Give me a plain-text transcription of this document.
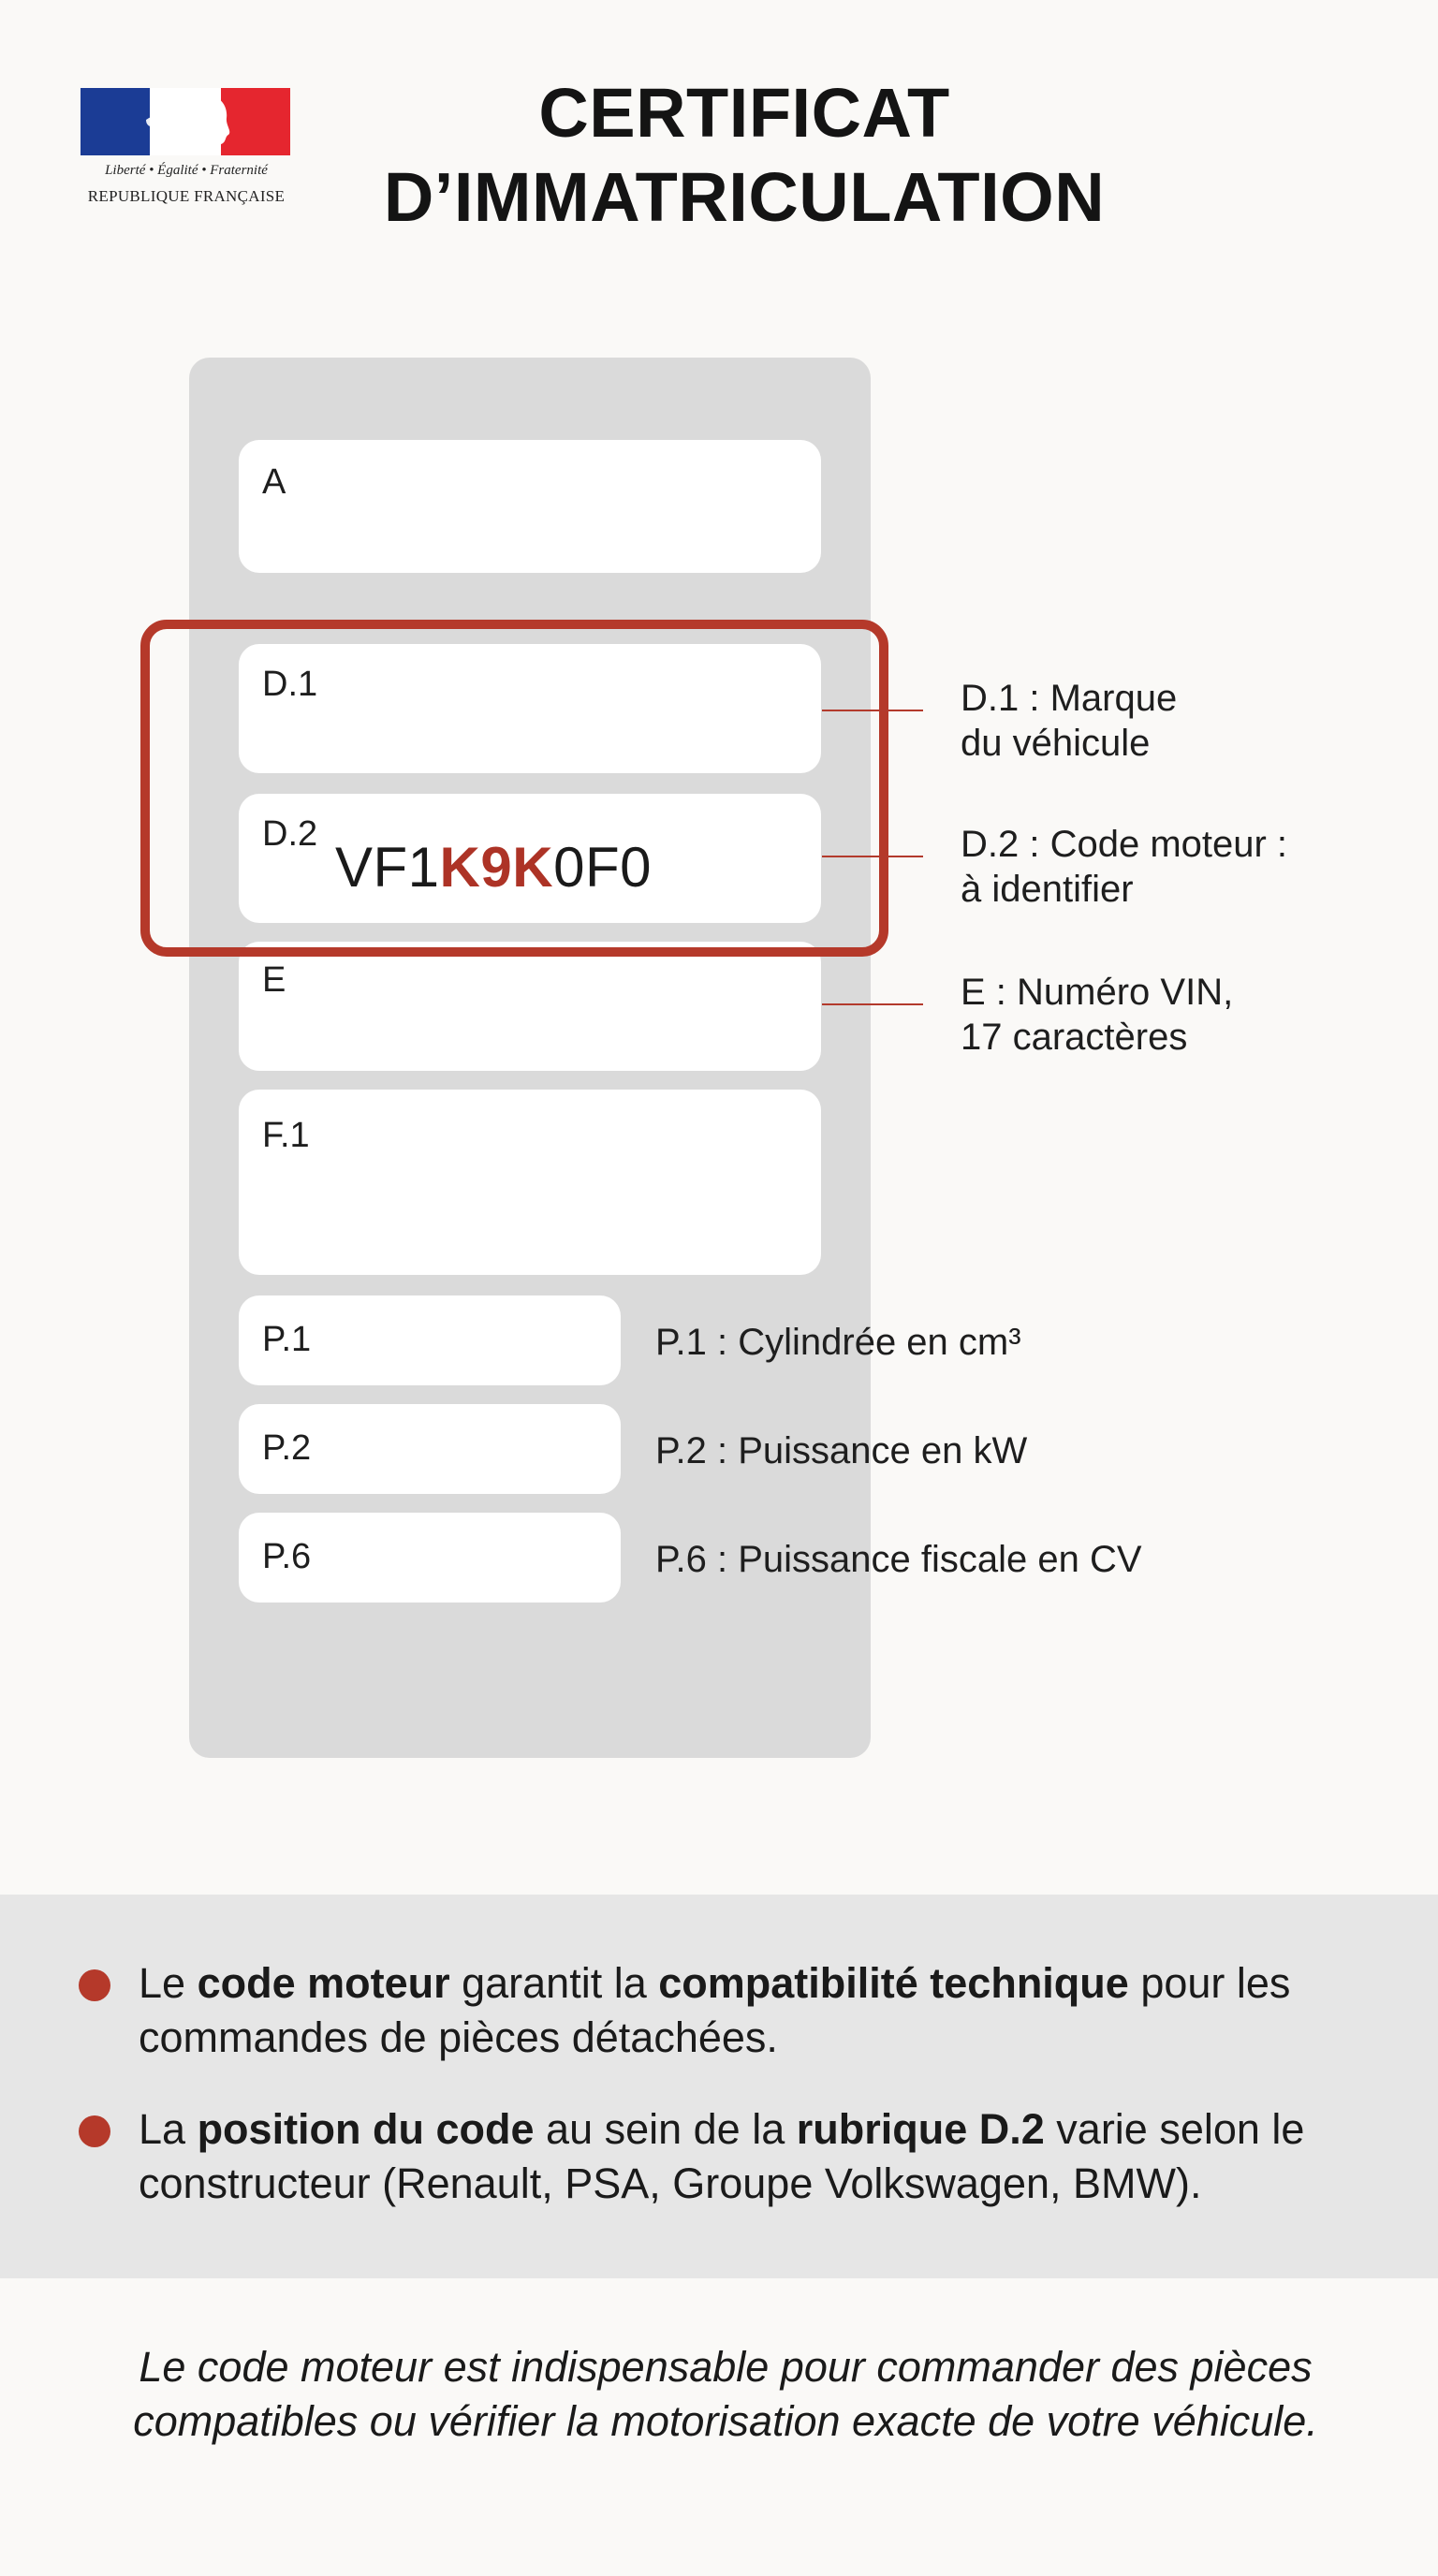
Liberté • Égalité • Fraternité
REPUBLIQUE FRANÇAISE
CERTIFICAT
D’IMMATRICULATION
A
D.1
D.2
VF1K9K0F0
E
F.1
P.1
P.2
P.6
D.1 : Marque
du véhicule
D.2 : Code moteur :
à identifier
E : Numéro VIN,
17 caractères
P.1 : Cylindrée en cm³
P.2 : Puissance en kW
P.6 : Puissance fiscale en CV
Le code moteur garantit la compatibilité technique pour les commandes de pièces détachées.
La position du code au sein de la rubrique D.2 varie selon le constructeur (Renault, PSA, Groupe Volkswagen, BMW).
Le code moteur est indispensable pour commander des pièces
compatibles ou vérifier la motorisation exacte de votre véhicule.
